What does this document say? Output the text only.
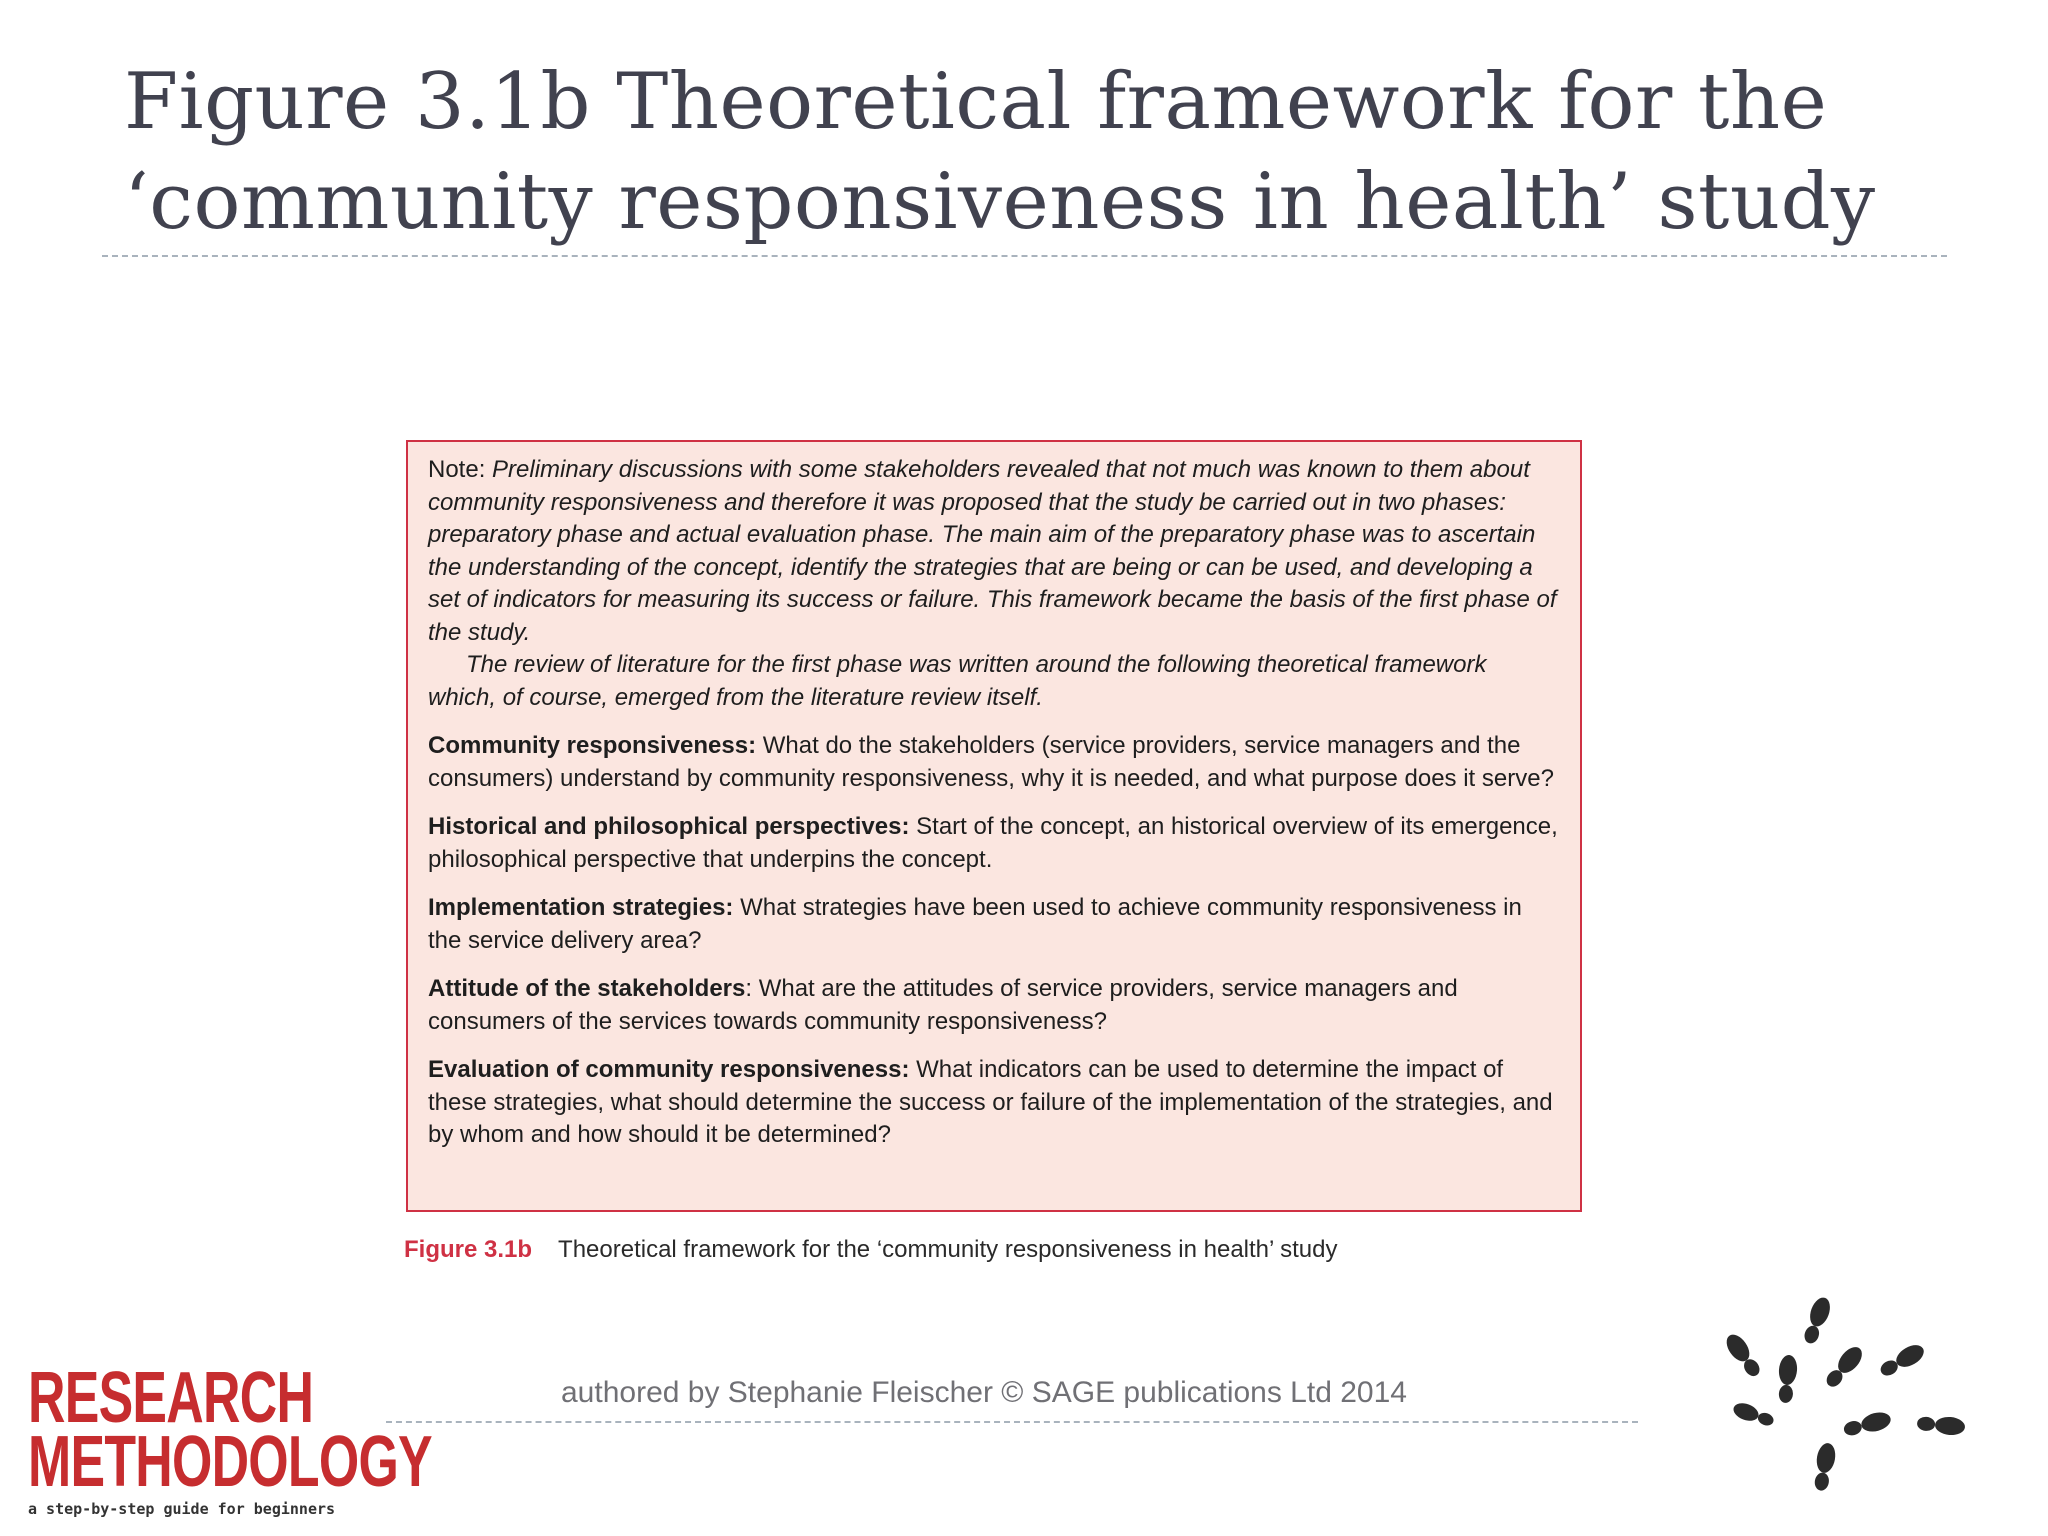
Figure 3.1b Theoretical framework for the
‘community responsiveness in health’ study

Note: Preliminary discussions with some stakeholders revealed that not much was known to them about community responsiveness and therefore it was proposed that the study be carried out in two phases: preparatory phase and actual evaluation phase. The main aim of the preparatory phase was to ascertain the understanding of the concept, identify the strategies that are being or can be used, and developing a set of indicators for measuring its success or failure. This framework became the basis of the first phase of the study.

The review of literature for the first phase was written around the following theoretical framework which, of course, emerged from the literature review itself.

Community responsiveness: What do the stakeholders (service providers, service managers and the consumers) understand by community responsiveness, why it is needed, and what purpose does it serve?

Historical and philosophical perspectives: Start of the concept, an historical overview of its emergence, philosophical perspective that underpins the concept.

Implementation strategies: What strategies have been used to achieve community responsiveness in the service delivery area?

Attitude of the stakeholders: What are the attitudes of service providers, service managers and consumers of the services towards community responsiveness?

Evaluation of community responsiveness: What indicators can be used to determine the impact of these strategies, what should determine the success or failure of the implementation of the strategies, and by whom and how should it be determined?

Figure 3.1b Theoretical framework for the ‘community responsiveness in health’ study
authored by Stephanie Fleischer © SAGE publications Ltd 2014
RESEARCH
METHODOLOGY
a step-by-step guide for beginners
